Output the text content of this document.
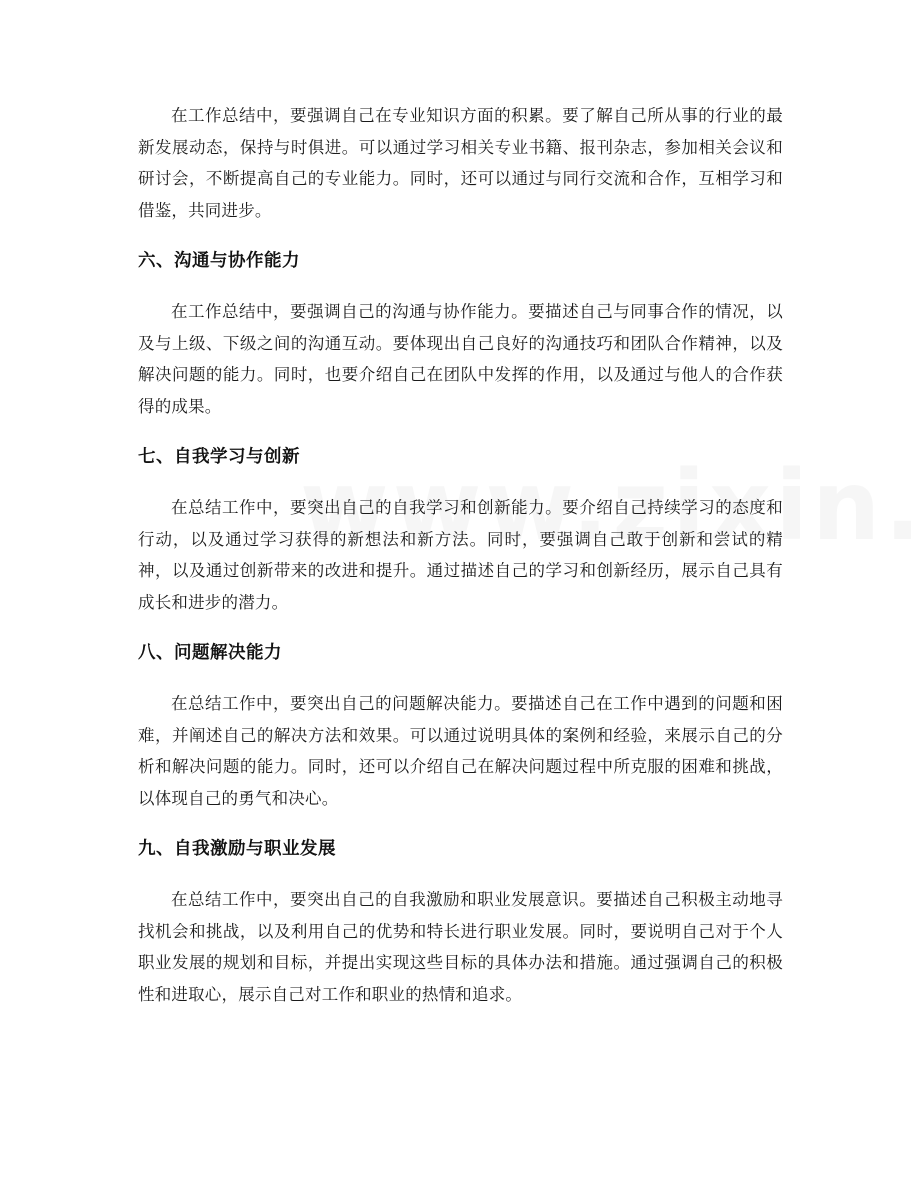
在工作总结中，要强调自己在专业知识方面的积累。要了解自己所从事的行业的最新发展动态，保持与时俱进。可以通过学习相关专业书籍、报刊杂志，参加相关会议和研讨会，不断提高自己的专业能力。同时，还可以通过与同行交流和合作，互相学习和借鉴，共同进步。

六、沟通与协作能力

在工作总结中，要强调自己的沟通与协作能力。要描述自己与同事合作的情况，以及与上级、下级之间的沟通互动。要体现出自己良好的沟通技巧和团队合作精神，以及解决问题的能力。同时，也要介绍自己在团队中发挥的作用，以及通过与他人的合作获得的成果。

七、自我学习与创新

在总结工作中，要突出自己的自我学习和创新能力。要介绍自己持续学习的态度和行动，以及通过学习获得的新想法和新方法。同时，要强调自己敢于创新和尝试的精神，以及通过创新带来的改进和提升。通过描述自己的学习和创新经历，展示自己具有成长和进步的潜力。

八、问题解决能力

在总结工作中，要突出自己的问题解决能力。要描述自己在工作中遇到的问题和困难，并阐述自己的解决方法和效果。可以通过说明具体的案例和经验，来展示自己的分析和解决问题的能力。同时，还可以介绍自己在解决问题过程中所克服的困难和挑战，以体现自己的勇气和决心。

九、自我激励与职业发展

在总结工作中，要突出自己的自我激励和职业发展意识。要描述自己积极主动地寻找机会和挑战，以及利用自己的优势和特长进行职业发展。同时，要说明自己对于个人职业发展的规划和目标，并提出实现这些目标的具体办法和措施。通过强调自己的积极性和进取心，展示自己对工作和职业的热情和追求。
